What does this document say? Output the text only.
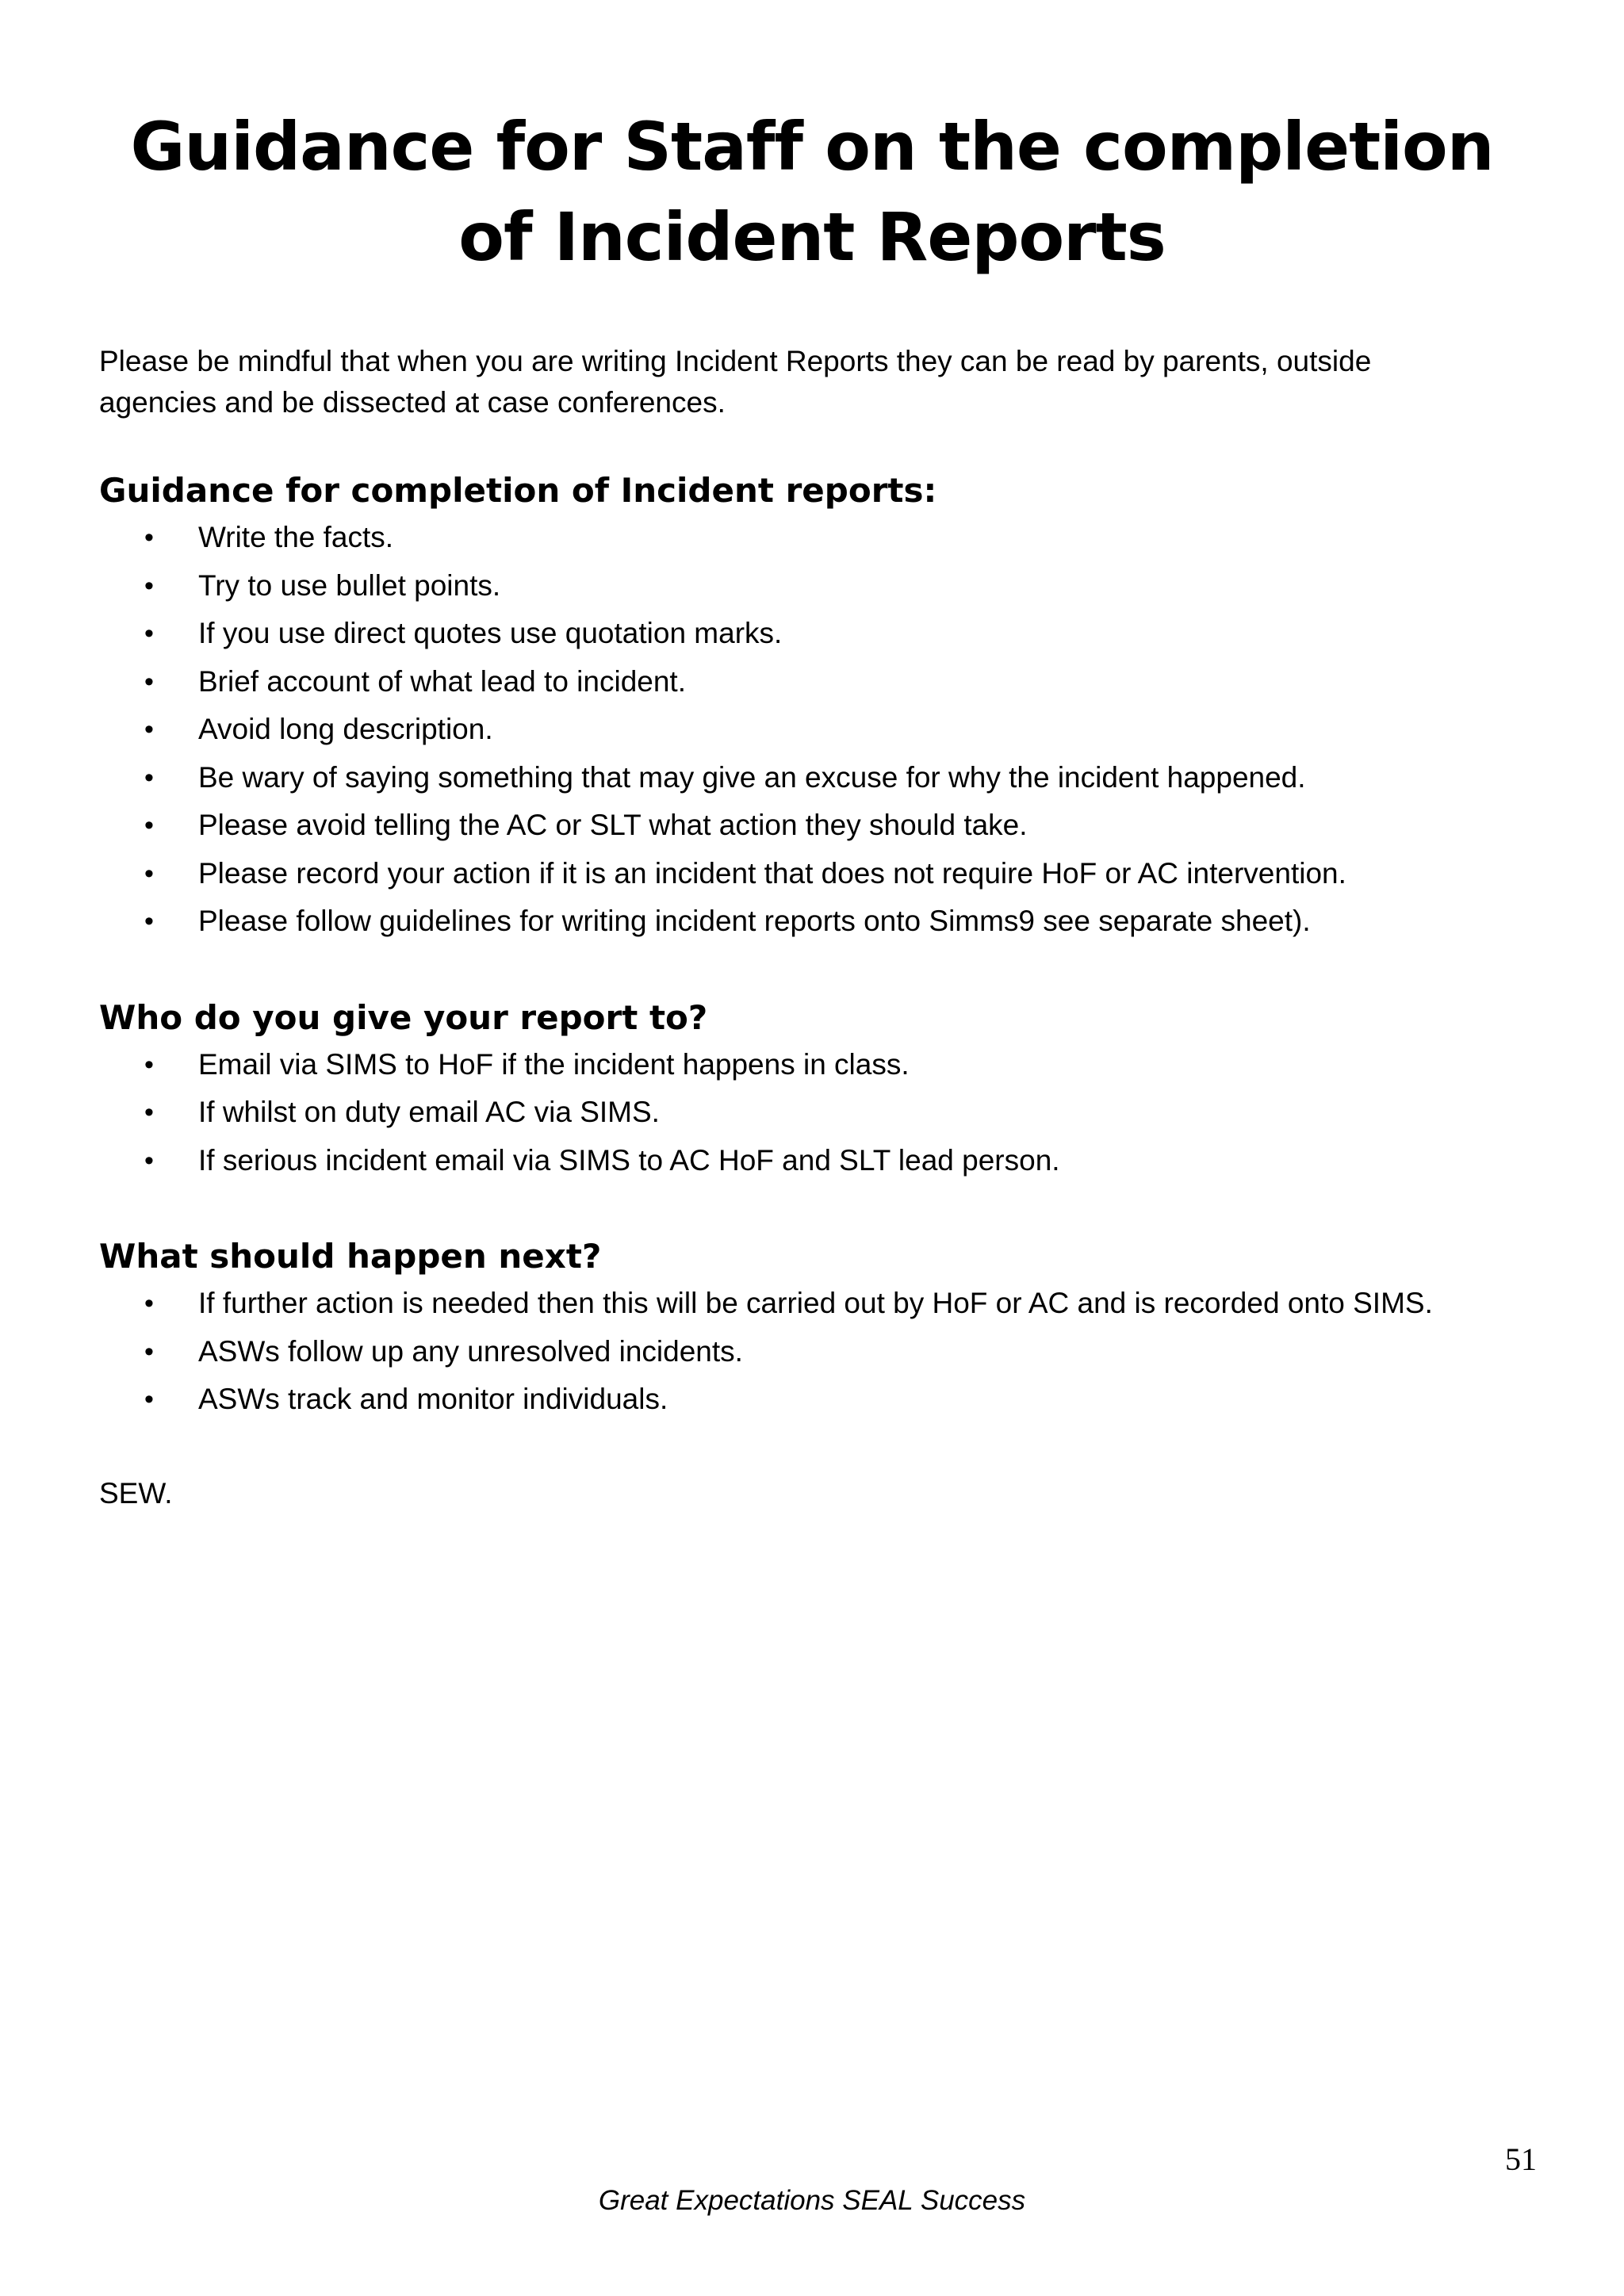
Guidance for Staff on the completion
of Incident Reports

Please be mindful that when you are writing Incident Reports they can be read by parents, outside
agencies and be dissected at case conferences.

Guidance for completion of Incident reports:
• Write the facts.
• Try to use bullet points.
• If you use direct quotes use quotation marks.
• Brief account of what lead to incident.
• Avoid long description.
• Be wary of saying something that may give an excuse for why the incident happened.
• Please avoid telling the AC or SLT what action they should take.
• Please record your action if it is an incident that does not require HoF or AC intervention.
• Please follow guidelines for writing incident reports onto Simms9 see separate sheet).
Who do you give your report to?
• Email via SIMS to HoF if the incident happens in class.
• If whilst on duty email AC via SIMS.
• If serious incident email via SIMS to AC HoF and SLT lead person.
What should happen next?
• If further action is needed then this will be carried out by HoF or AC and is recorded onto SIMS.
• ASWs follow up any unresolved incidents.
• ASWs track and monitor individuals.

SEW.

51
Great Expectations SEAL Success
